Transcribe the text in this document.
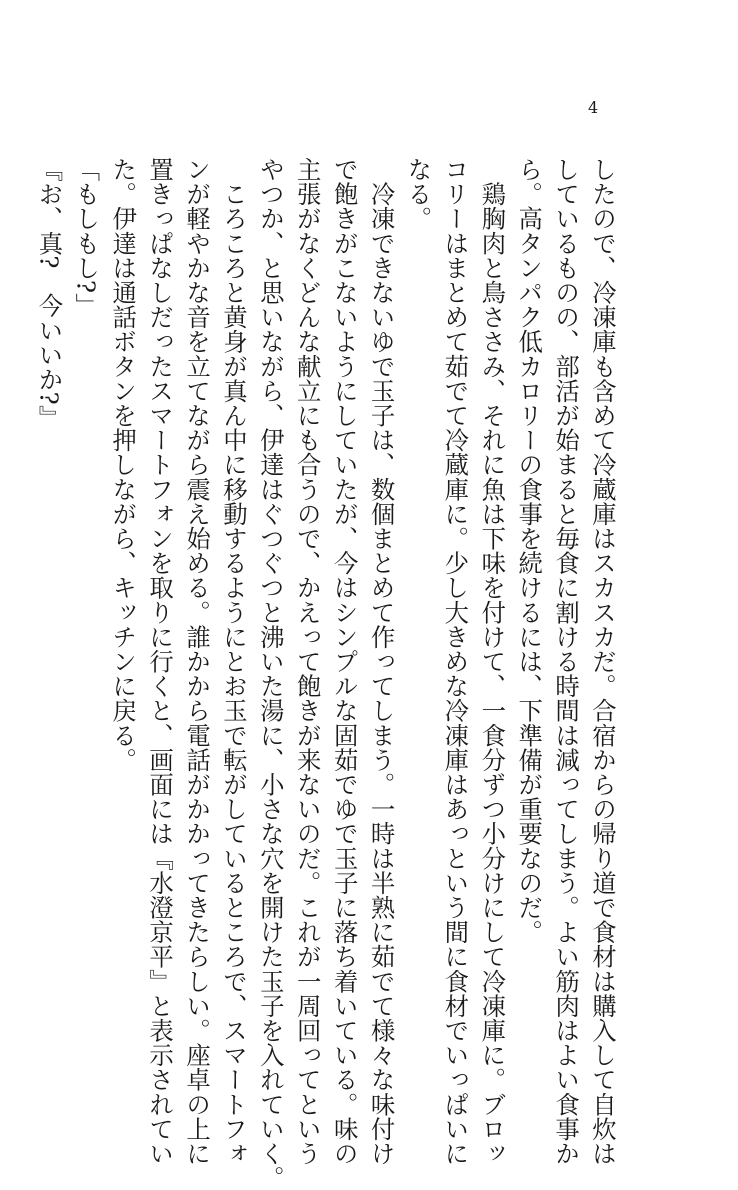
4
したので、冷凍庫も含めて冷蔵庫はスカスカだ。合宿からの帰り道で食材は購入して自炊は
しているものの、部活が始まると毎食に割ける時間は減ってしまう。よい筋肉はよい食事か
ら。高タンパク低カロリーの食事を続けるには、下準備が重要なのだ。
　鶏胸肉と鳥ささみ、それに魚は下味を付けて、一食分ずつ小分けにして冷凍庫に。ブロッ
コリーはまとめて茹でて冷蔵庫に。少し大きめな冷凍庫はあっという間に食材でいっぱいに
なる。
　冷凍できないゆで玉子は、数個まとめて作ってしまう。一時は半熟に茹でて様々な味付け
で飽きがこないようにしていたが、今はシンプルな固茹でゆで玉子に落ち着いている。味の
主張がなくどんな献立にも合うので、かえって飽きが来ないのだ。これが一周回ってという
やつか、と思いながら、伊達はぐつぐつと沸いた湯に、小さな穴を開けた玉子を入れていく。
　ころころと黄身が真ん中に移動するようにとお玉で転がしているところで、スマートフォ
ンが軽やかな音を立てながら震え始める。誰かから電話がかかってきたらしい。座卓の上に
置きっぱなしだったスマートフォンを取りに行くと、画面には『水澄京平』と表示されてい
た。伊達は通話ボタンを押しながら、キッチンに戻る。
「もしもし?」
『お、真?　今いいか?』
